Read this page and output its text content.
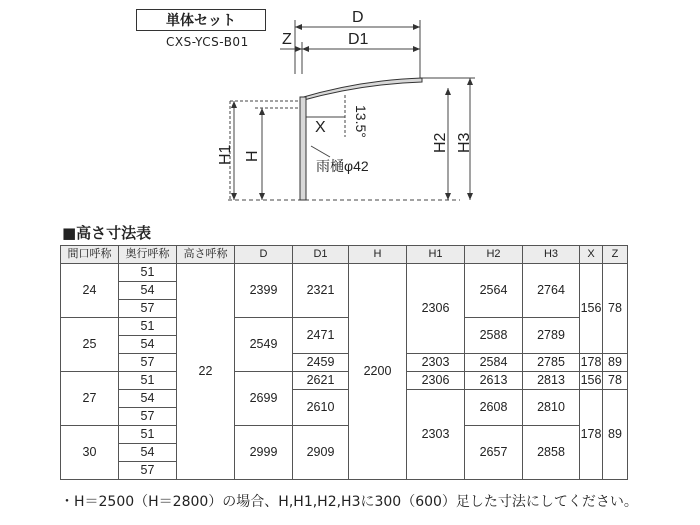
単体セット
CXS-YCS-B01
D
D1
Z
X 13.5°
H1 H
H2 H3
雨樋φ42
■高さ寸法表
間口呼称	奥行呼称	高さ呼称	D	D1	H	H1	H2	H3	X	Z
24	51	22	2399	2321	2200	2306	2564	2764	156	78
	54									
	57									
25	51		2549	2471			2588	2789		
	54									
	57			2459		2303	2584	2785	178	89
27	51		2699	2621		2306	2613	2813	156	78
	54			2610		2303	2608	2810	178	89
	57									
30	51		2999	2909			2657	2858		
	54									
	57									
・H＝2500（H＝2800）の場合、H,H1,H2,H3に300（600）足した寸法にしてください。
